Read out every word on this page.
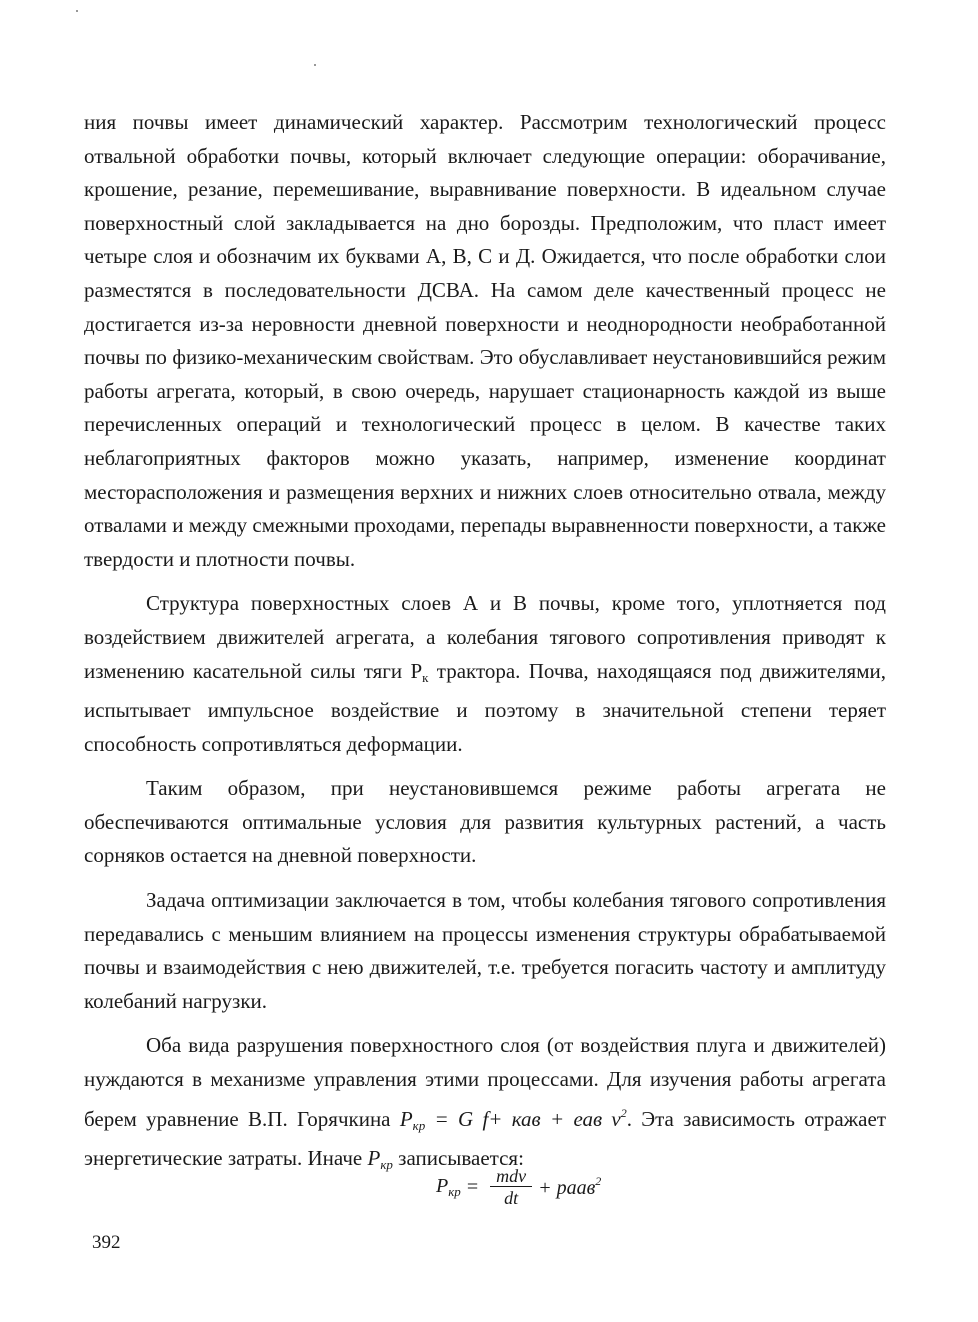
ния почвы имеет динамический характер. Рассмотрим технологический процесс отвальной обработки почвы, который включает следующие операции: оборачивание, крошение, резание, перемешивание, выравнивание поверхности. В идеальном случае поверхностный слой закладывается на дно борозды. Предположим, что пласт имеет четыре слоя и обозначим их буквами А, В, С и Д. Ожидается, что после обработки слои разместятся в последовательности ДСВА. На самом деле качественный процесс не достигается из-за неровности дневной поверхности и неоднородности необработанной почвы по физико-механическим свойствам. Это обуславливает неустановившийся режим работы агрегата, который, в свою очередь, нарушает стационарность каждой из выше перечисленных операций и технологический процесс в целом. В качестве таких неблагоприятных факторов можно указать, например, изменение координат месторасположения и размещения верхних и нижних слоев относительно отвала, между отвалами и между смежными проходами, перепады выравненности поверхности, а также твердости и плотности почвы.

Структура поверхностных слоев А и В почвы, кроме того, уплотняется под воздействием движителей агрегата, а колебания тягового сопротивления приводят к изменению касательной силы тяги $Р_к$ трактора. Почва, находящаяся под движителями, испытывает импульсное воздействие и поэтому в значительной степени теряет способность сопротивляться деформации.

Таким образом, при неустановившемся режиме работы агрегата не обеспечиваются оптимальные условия для развития культурных растений, а часть сорняков остается на дневной поверхности.

Задача оптимизации заключается в том, чтобы колебания тягового сопротивления передавались с меньшим влиянием на процессы изменения структуры обрабатываемой почвы и взаимодействия с нею движителей, т.е. требуется погасить частоту и амплитуду колебаний нагрузки.

Оба вида разрушения поверхностного слоя (от воздействия плуга и движителей) нуждаются в механизме управления этими процессами. Для изучения работы агрегата берем уравнение В.П. Горячкина $P_{кр} = G$ f+ кав + еав $v^2$. Эта зависимость отражает энергетические затраты. Иначе $P_{кр}$ записывается:

$P_{кр} = \frac{\text{mdv}}{dt}$ + раав$^2$
392
